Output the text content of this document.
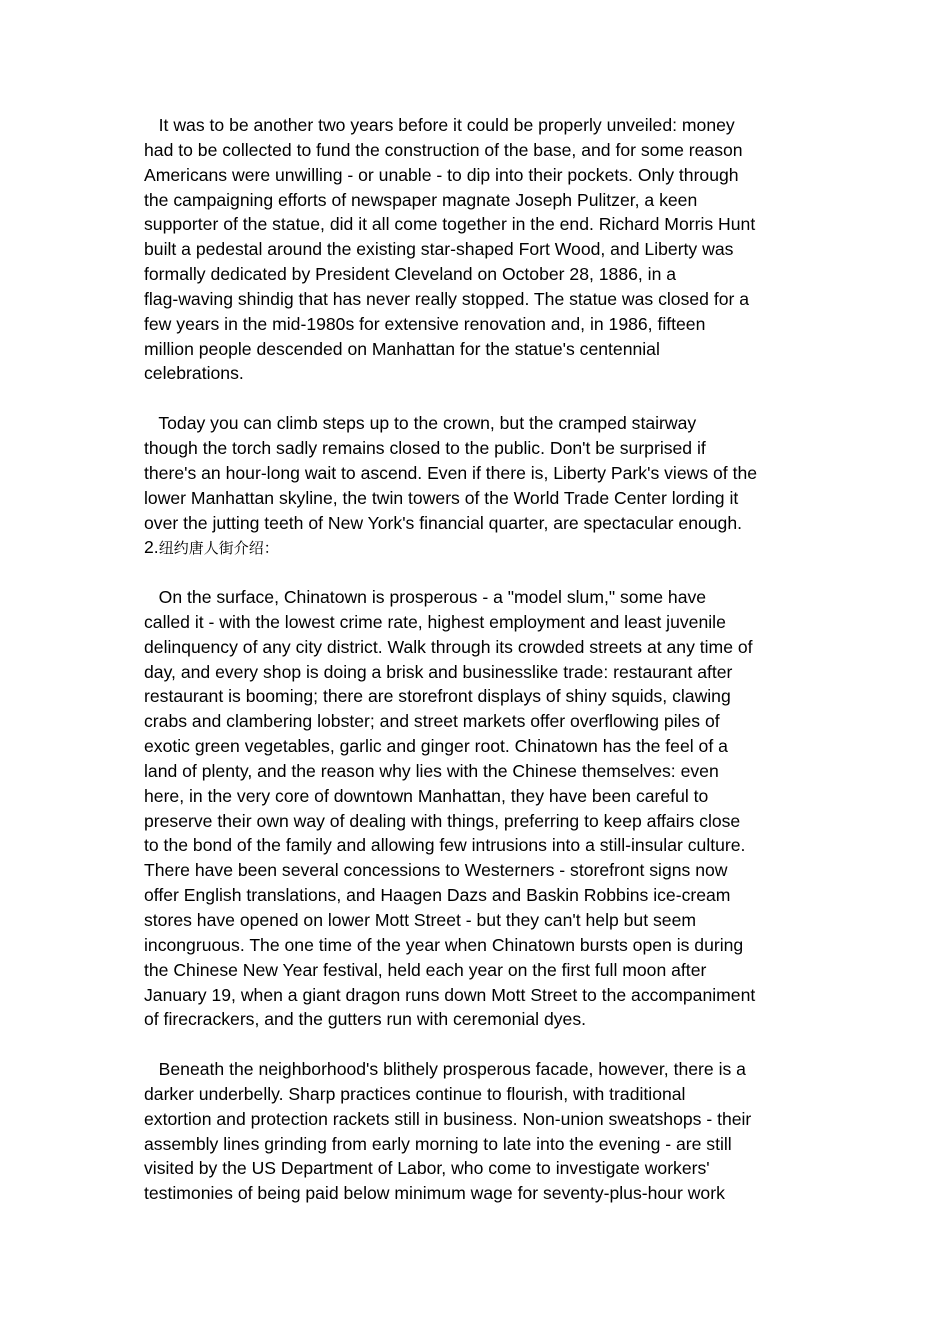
It was to be another two years before it could be properly unveiled: money
had to be collected to fund the construction of the base, and for some reason
Americans were unwilling - or unable - to dip into their pockets. Only through
the campaigning efforts of newspaper magnate Joseph Pulitzer, a keen
supporter of the statue, did it all come together in the end. Richard Morris Hunt
built a pedestal around the existing star-shaped Fort Wood, and Liberty was
formally dedicated by President Cleveland on October 28, 1886, in a
flag-waving shindig that has never really stopped. The statue was closed for a
few years in the mid-1980s for extensive renovation and, in 1986, fifteen
million people descended on Manhattan for the statue's centennial
celebrations.
Today you can climb steps up to the crown, but the cramped stairway
though the torch sadly remains closed to the public. Don't be surprised if
there's an hour-long wait to ascend. Even if there is, Liberty Park's views of the
lower Manhattan skyline, the twin towers of the World Trade Center lording it
over the jutting teeth of New York's financial quarter, are spectacular enough.
2.纽约唐人街介绍：
On the surface, Chinatown is prosperous - a "model slum," some have
called it - with the lowest crime rate, highest employment and least juvenile
delinquency of any city district. Walk through its crowded streets at any time of
day, and every shop is doing a brisk and businesslike trade: restaurant after
restaurant is booming; there are storefront displays of shiny squids, clawing
crabs and clambering lobster; and street markets offer overflowing piles of
exotic green vegetables, garlic and ginger root. Chinatown has the feel of a
land of plenty, and the reason why lies with the Chinese themselves: even
here, in the very core of downtown Manhattan, they have been careful to
preserve their own way of dealing with things, preferring to keep affairs close
to the bond of the family and allowing few intrusions into a still-insular culture.
There have been several concessions to Westerners - storefront signs now
offer English translations, and Haagen Dazs and Baskin Robbins ice-cream
stores have opened on lower Mott Street - but they can't help but seem
incongruous. The one time of the year when Chinatown bursts open is during
the Chinese New Year festival, held each year on the first full moon after
January 19, when a giant dragon runs down Mott Street to the accompaniment
of firecrackers, and the gutters run with ceremonial dyes.
Beneath the neighborhood's blithely prosperous facade, however, there is a
darker underbelly. Sharp practices continue to flourish, with traditional
extortion and protection rackets still in business. Non-union sweatshops - their
assembly lines grinding from early morning to late into the evening - are still
visited by the US Department of Labor, who come to investigate workers'
testimonies of being paid below minimum wage for seventy-plus-hour work
